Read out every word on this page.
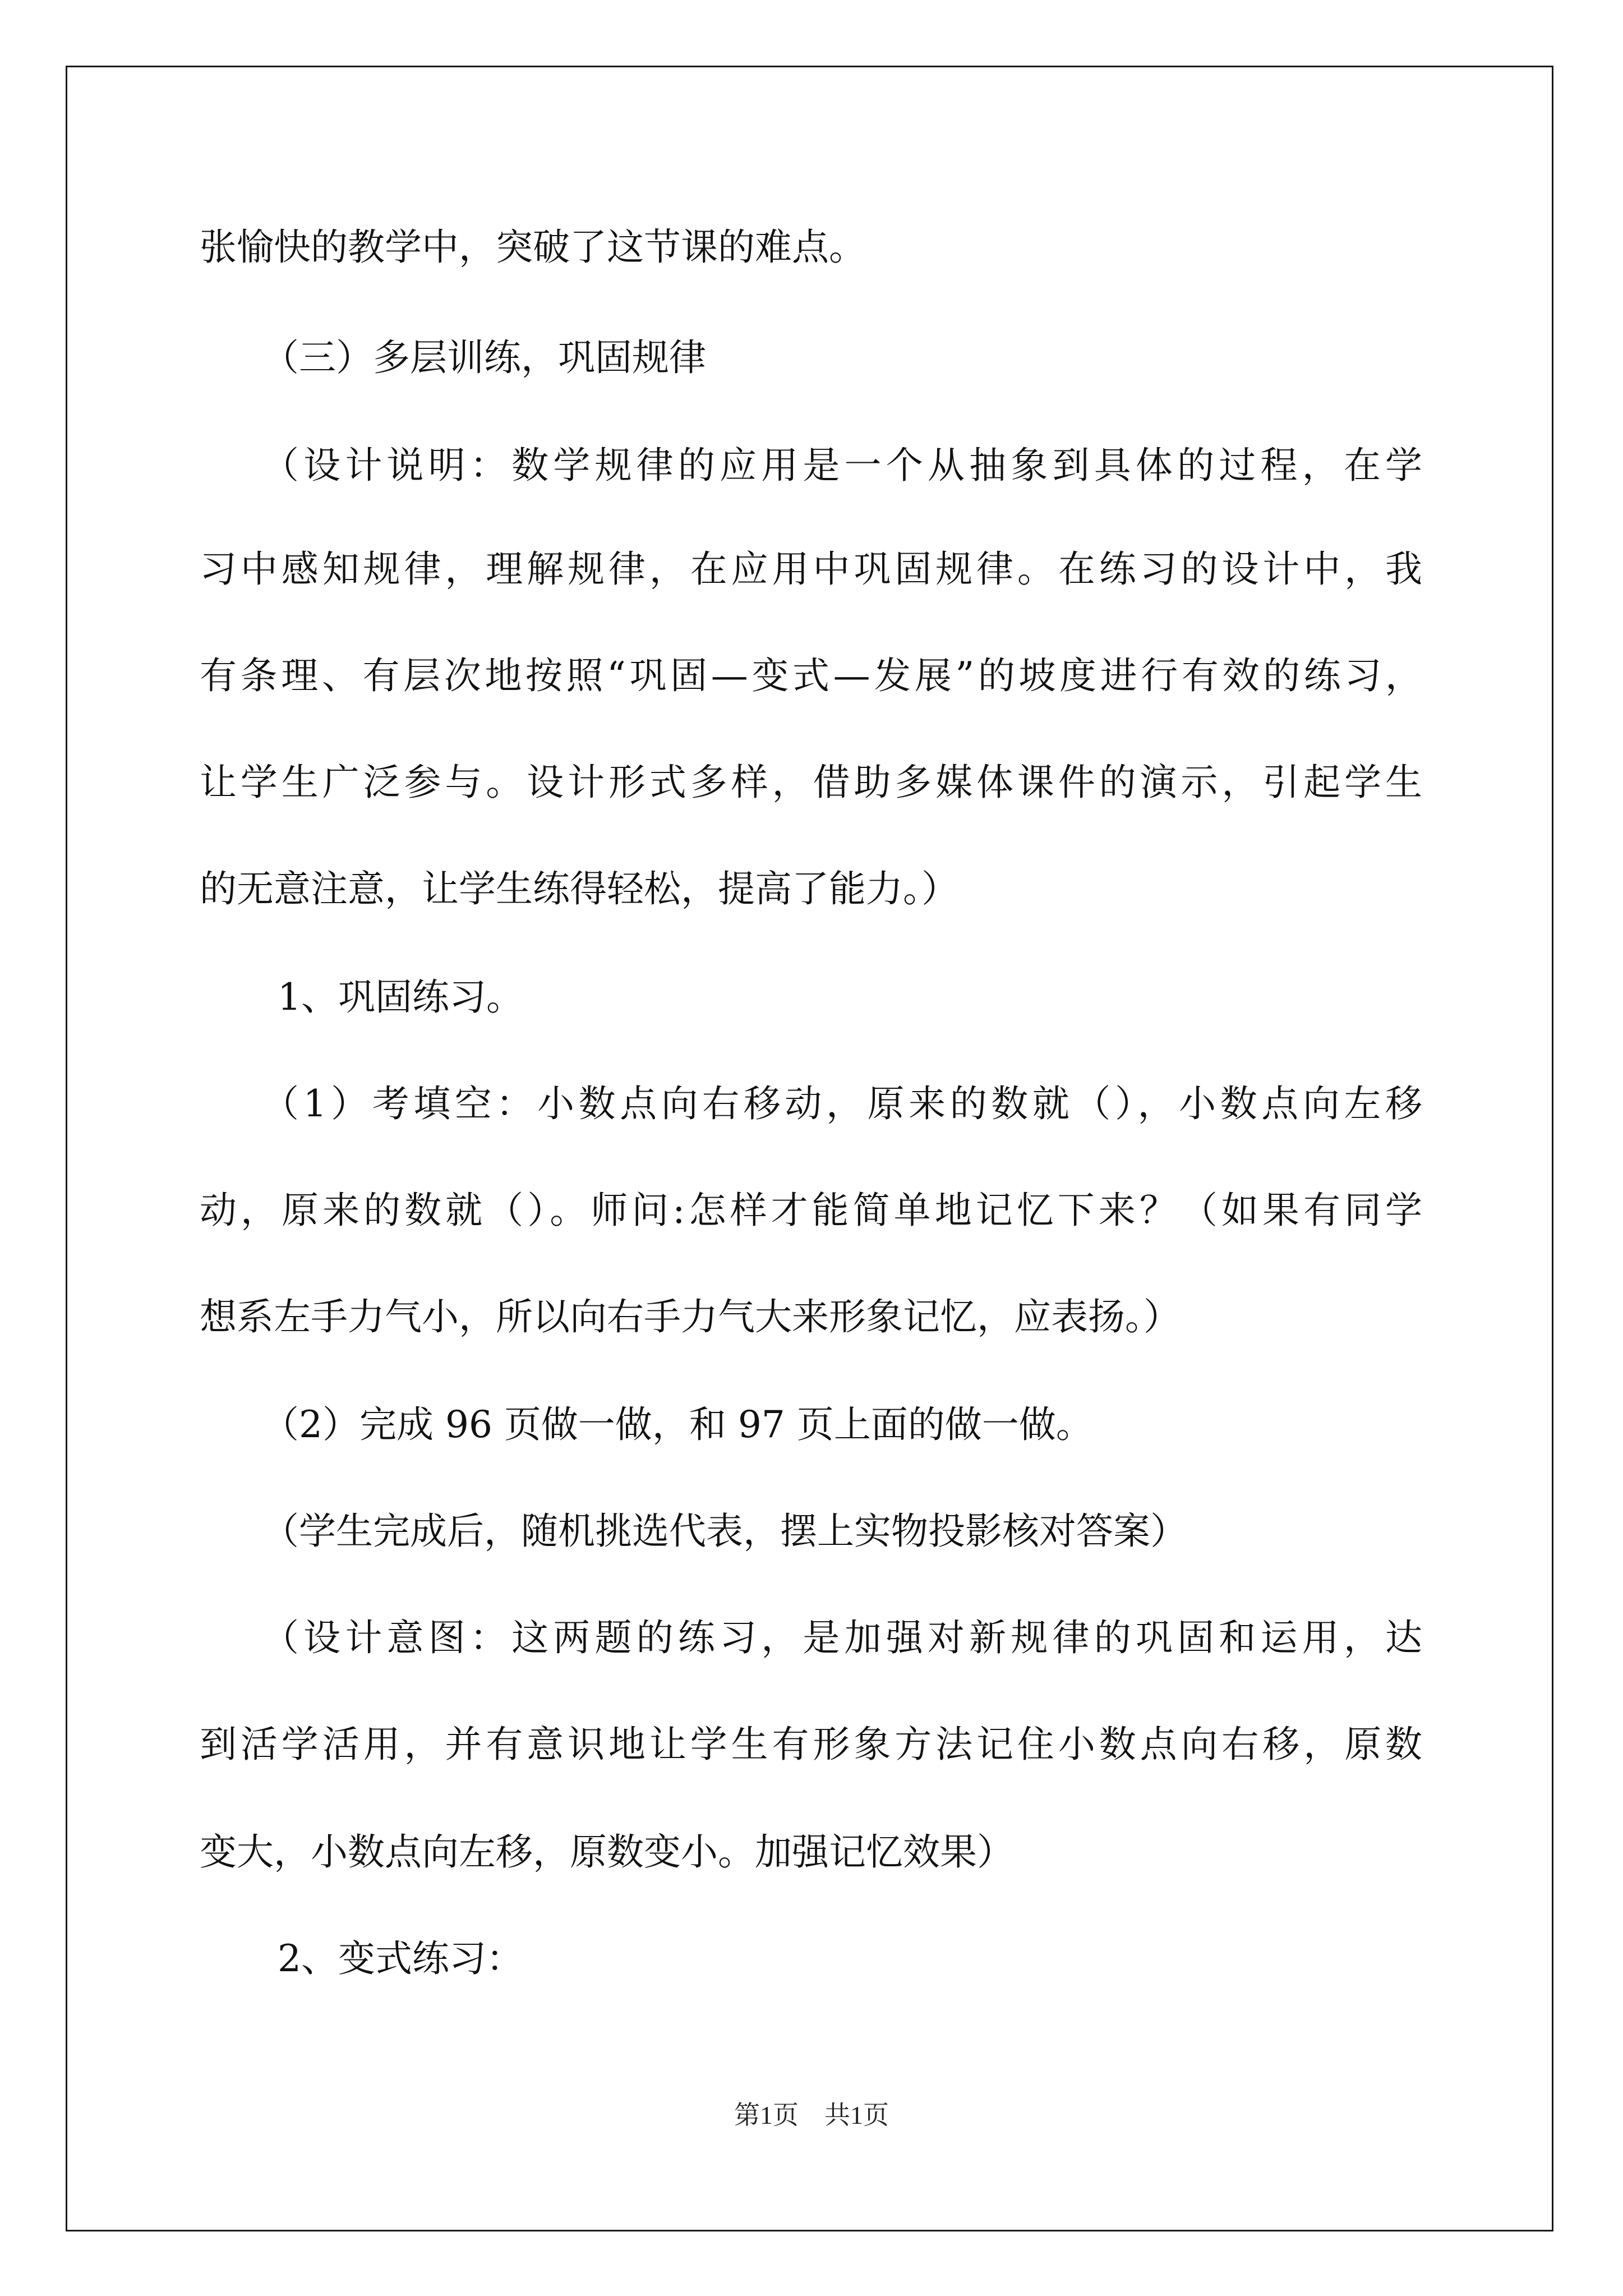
张愉快的教学中，突破了这节课的难点。
（三）多层训练，巩固规律
（设计说明：数学规律的应用是一个从抽象到具体的过程，在学
习中感知规律，理解规律，在应用中巩固规律。在练习的设计中，我
有条理、有层次地按照“巩固—变式—发展”的坡度进行有效的练习，
让学生广泛参与。设计形式多样，借助多媒体课件的演示，引起学生
的无意注意，让学生练得轻松，提高了能力。）
1、巩固练习。
（1）考填空：小数点向右移动，原来的数就（），小数点向左移
动，原来的数就（）。师问:怎样才能简单地记忆下来？（如果有同学
想系左手力气小，所以向右手力气大来形象记忆，应表扬。）
（2）完成 96 页做一做，和 97 页上面的做一做。
（学生完成后，随机挑选代表，摆上实物投影核对答案）
（设计意图：这两题的练习，是加强对新规律的巩固和运用，达
到活学活用，并有意识地让学生有形象方法记住小数点向右移，原数
变大，小数点向左移，原数变小。加强记忆效果）
2、变式练习：
第1页　共1页
